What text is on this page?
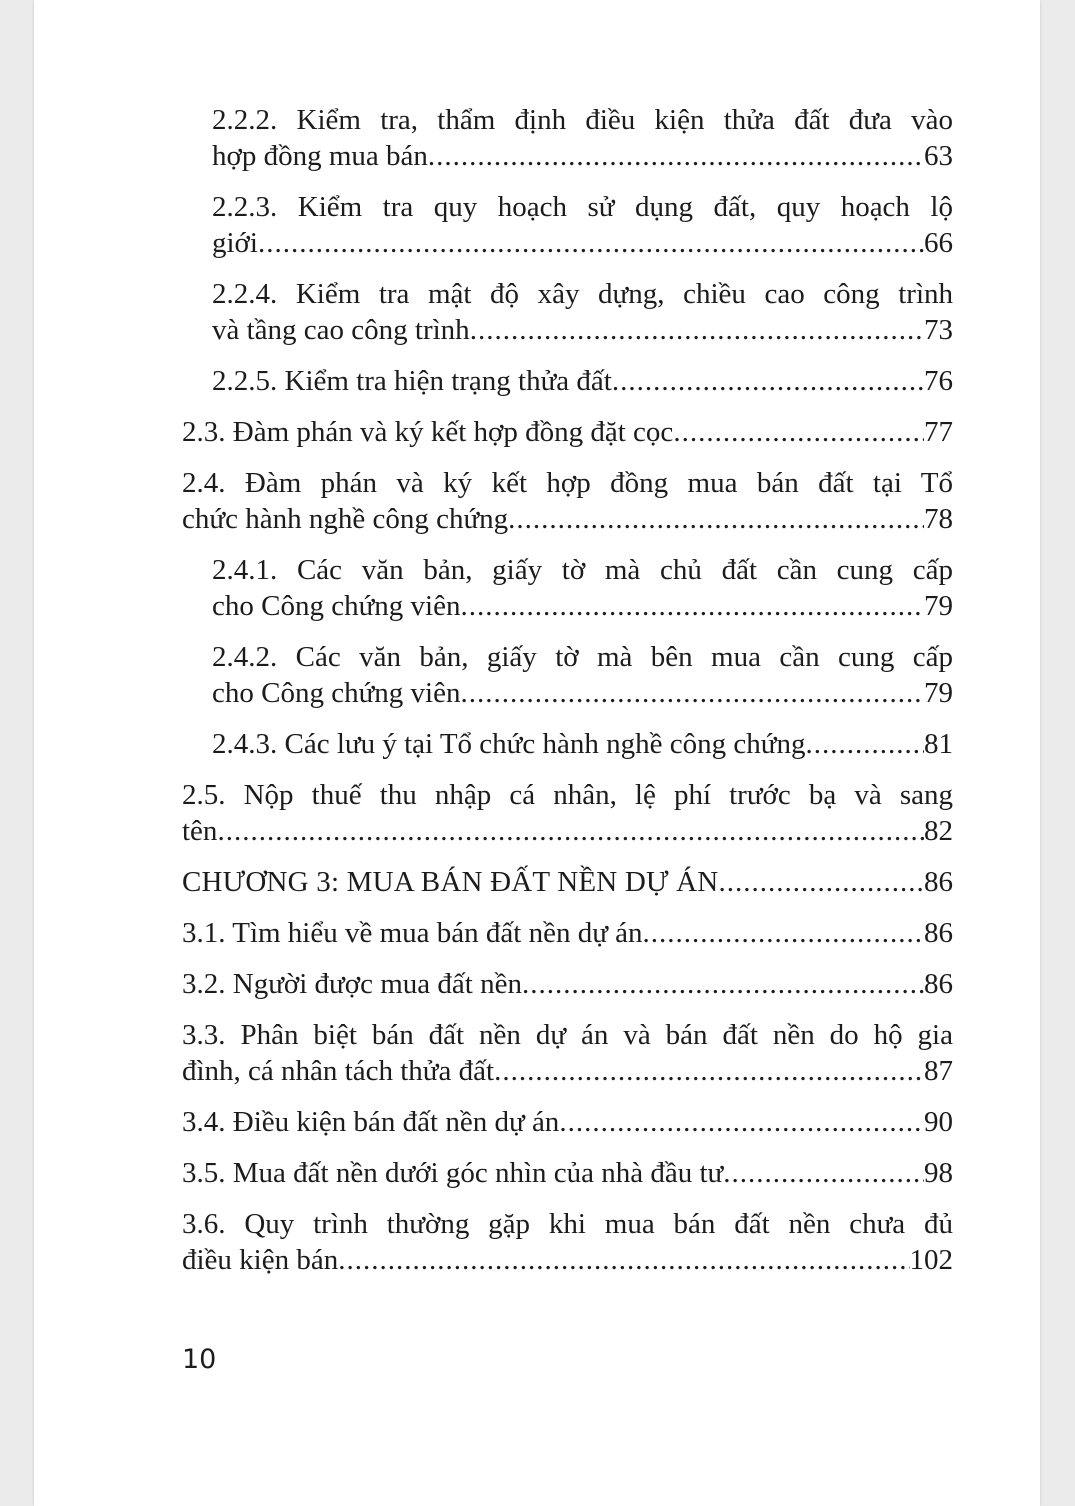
2.2.2. Kiểm tra, thẩm định điều kiện thửa đất đưa vào
hợp đồng mua bán .....	63
2.2.3. Kiểm tra quy hoạch sử dụng đất, quy hoạch lộ
giới .....	66
2.2.4. Kiểm tra mật độ xây dựng, chiều cao công trình
và tầng cao công trình .....	73
2.2.5. Kiểm tra hiện trạng thửa đất .....	76
2.3. Đàm phán và ký kết hợp đồng đặt cọc .....	77
2.4. Đàm phán và ký kết hợp đồng mua bán đất tại Tổ
chức hành nghề công chứng .....	78
2.4.1. Các văn bản, giấy tờ mà chủ đất cần cung cấp
cho Công chứng viên .....	79
2.4.2. Các văn bản, giấy tờ mà bên mua cần cung cấp
cho Công chứng viên .....	79
2.4.3. Các lưu ý tại Tổ chức hành nghề công chứng .....	81
2.5. Nộp thuế thu nhập cá nhân, lệ phí trước bạ và sang
tên .....	82
CHƯƠNG 3: MUA BÁN ĐẤT NỀN DỰ ÁN .....	86
3.1. Tìm hiểu về mua bán đất nền dự án .....	86
3.2. Người được mua đất nền .....	86
3.3. Phân biệt bán đất nền dự án và bán đất nền do hộ gia
đình, cá nhân tách thửa đất .....	87
3.4. Điều kiện bán đất nền dự án .....	90
3.5. Mua đất nền dưới góc nhìn của nhà đầu tư .....	98
3.6. Quy trình thường gặp khi mua bán đất nền chưa đủ
điều kiện bán .....	102
10
